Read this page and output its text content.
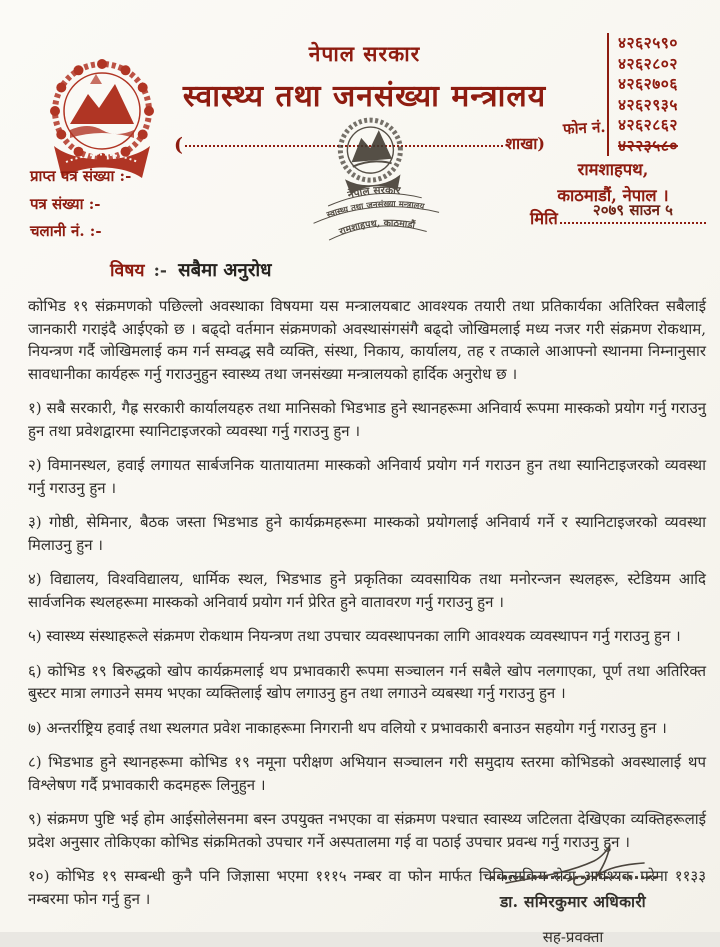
नेपाल सरकार
स्वास्थ्य तथा जनसंख्या मन्त्रालय
(	शाखा)
फोन नं.
४२६२५९०
४२६२८०२
४२६२७०६
४२६२९३५
४२६२८६२
४२२३५८०
नेपाल सरकार
स्वास्थ्य तथा जनसंख्या मन्त्रालय
रामशाहपथ, काठमाडौं
प्राप्त पत्र संख्या :-
पत्र संख्या :-
चलानी नं. :-
रामशाहपथ,
काठमाडौं, नेपाल ।
मिति २०७९ साउन ५
विषय :- सबैमा अनुरोध

कोभिड १९ संक्रमणको पछिल्लो अवस्थाका विषयमा यस मन्त्रालयबाट आवश्यक तयारी तथा प्रतिकार्यका अतिरिक्त सबैलाई जानकारी गराइंदै आईएको छ । बढ्दो वर्तमान संक्रमणको अवस्थासंगसंगै बढ्दो जोखिमलाई मध्य नजर गरी संक्रमण रोकथाम, नियन्त्रण गर्दै जोखिमलाई कम गर्न सम्वद्ध सवै व्यक्ति, संस्था, निकाय, कार्यालय, तह र तप्काले आआफ्नो स्थानमा निम्नानुसार सावधानीका कार्यहरू गर्नु गराउनुहुन स्वास्थ्य तथा जनसंख्या मन्त्रालयको हार्दिक अनुरोध छ ।

१) सबै सरकारी, गैह्र सरकारी कार्यालयहरु तथा मानिसको भिडभाड हुने स्थानहरूमा अनिवार्य रूपमा मास्कको प्रयोग गर्नु गराउनु हुन तथा प्रवेशद्वारमा स्यानिटाइजरको व्यवस्था गर्नु गराउनु हुन ।

२) विमानस्थल, हवाई लगायत सार्बजनिक यातायातमा मास्कको अनिवार्य प्रयोग गर्न गराउन हुन तथा स्यानिटाइजरको व्यवस्था गर्नु गराउनु हुन ।

३) गोष्ठी, सेमिनार, बैठक जस्ता भिडभाड हुने कार्यक्रमहरूमा मास्कको प्रयोगलाई अनिवार्य गर्ने र स्यानिटाइजरको व्यवस्था मिलाउनु हुन ।

४) विद्यालय, विश्वविद्यालय, धार्मिक स्थल, भिडभाड हुने प्रकृतिका व्यवसायिक तथा मनोरन्जन स्थलहरू, स्टेडियम आदि सार्वजनिक स्थलहरूमा मास्कको अनिवार्य प्रयोग गर्न प्रेरित हुने वातावरण गर्नु गराउनु हुन ।

५) स्वास्थ्य संस्थाहरूले संक्रमण रोकथाम नियन्त्रण तथा उपचार व्यवस्थापनका लागि आवश्यक व्यवस्थापन गर्नु गराउनु हुन ।

६) कोभिड १९ बिरुद्धको खोप कार्यक्रमलाई थप प्रभावकारी रूपमा सञ्चालन गर्न सबैले खोप नलगाएका, पूर्ण तथा अतिरिक्त बुस्टर मात्रा लगाउने समय भएका व्यक्तिलाई खोप लगाउनु हुन तथा लगाउने व्यबस्था गर्नु गराउनु हुन ।

७) अन्तर्राष्ट्रिय हवाई तथा स्थलगत प्रवेश नाकाहरूमा निगरानी थप वलियो र प्रभावकारी बनाउन सहयोग गर्नु गराउनु हुन ।

८) भिडभाड हुने स्थानहरूमा कोभिड १९ नमूना परीक्षण अभियान सञ्चालन गरी समुदाय स्तरमा कोभिडको अवस्थालाई थप विश्लेषण गर्दै प्रभावकारी कदमहरू लिनुहुन ।

९) संक्रमण पुष्टि भई होम आईसोलेसनमा बस्न उपयुक्त नभएका वा संक्रमण पश्चात स्वास्थ्य जटिलता देखिएका व्यक्तिहरूलाई प्रदेश अनुसार तोकिएका कोभिड संक्रमितको उपचार गर्ने अस्पतालमा गई वा पठाई उपचार प्रवन्ध गर्नु गराउनु हुन ।

१०) कोभिड १९ सम्बन्धी कुनै पनि जिज्ञासा भएमा १११५ नम्बर वा फोन मार्फत चिकित्सकिय सेवा आवश्यक परेमा ११३३ नम्बरमा फोन गर्नु हुन ।	डा. समिरकुमार अधिकारी
सह-प्रवक्ता
